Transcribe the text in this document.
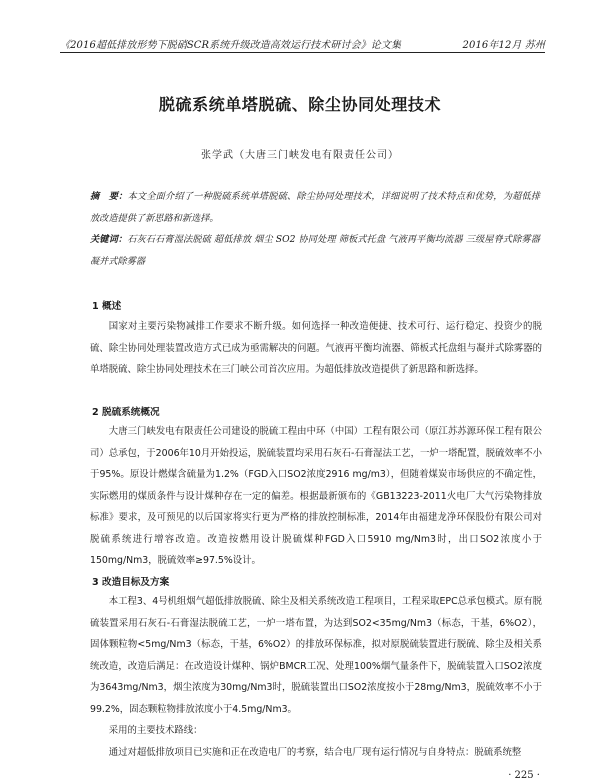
《2016超低排放形势下脱硝SCR系统升级改造高效运行技术研讨会》论文集	2016年12月 苏州
脱硫系统单塔脱硫、除尘协同处理技术
张学武（大唐三门峡发电有限责任公司）
摘　要：本文全面介绍了一种脱硫系统单塔脱硫、除尘协同处理技术，详细说明了技术特点和优势，为超低排放改造提供了新思路和新选择。
关键词：石灰石石膏湿法脱硫 超低排放 烟尘 SO2 协同处理 筛板式托盘 气液再平衡均流器 三级屋脊式除雾器 凝并式除雾器
1 概述
国家对主要污染物减排工作要求不断升级。如何选择一种改造便捷、技术可行、运行稳定、投资少的脱硫、除尘协同处理装置改造方式已成为亟需解决的问题。气液再平衡均流器、筛板式托盘组与凝并式除雾器的单塔脱硫、除尘协同处理技术在三门峡公司首次应用。为超低排放改造提供了新思路和新选择。
2 脱硫系统概况
大唐三门峡发电有限责任公司建设的脱硫工程由中环（中国）工程有限公司（原江苏苏源环保工程有限公司）总承包，于2006年10月开始投运，脱硫装置均采用石灰石-石膏湿法工艺，一炉一塔配置，脱硫效率不小于95%。原设计燃煤含硫量为1.2%（FGD入口SO2浓度2916 mg/m3），但随着煤炭市场供应的不确定性，实际燃用的煤质条件与设计煤种存在一定的偏差。根据最新颁布的《GB13223-2011火电厂大气污染物排放标准》要求，及可预见的以后国家将实行更为严格的排放控制标准，2014年由福建龙净环保股份有限公司对脱硫系统进行增容改造。改造按燃用设计脱硫煤种FGD入口5910 mg/Nm3时，出口SO2浓度小于150mg/Nm3，脱硫效率≥97.5%设计。
3 改造目标及方案
本工程3、4号机组烟气超低排放脱硫、除尘及相关系统改造工程项目，工程采取EPC总承包模式。原有脱硫装置采用石灰石-石膏湿法脱硫工艺，一炉一塔布置，为达到SO2<35mg/Nm3（标态，干基，6%O2），固体颗粒物<5mg/Nm3（标态，干基，6%O2）的排放环保标准，拟对原脱硫装置进行脱硫、除尘及相关系统改造，改造后满足：在改造设计煤种、锅炉BMCR工况、处理100%烟气量条件下，脱硫装置入口SO2浓度为3643mg/Nm3，烟尘浓度为30mg/Nm3时，脱硫装置出口SO2浓度按小于28mg/Nm3，脱硫效率不小于99.2%，固态颗粒物排放浓度小于4.5mg/Nm3。
采用的主要技术路线：
通过对超低排放项目已实施和正在改造电厂的考察，结合电厂现有运行情况与自身特点：脱硫系统整
· 225 ·
